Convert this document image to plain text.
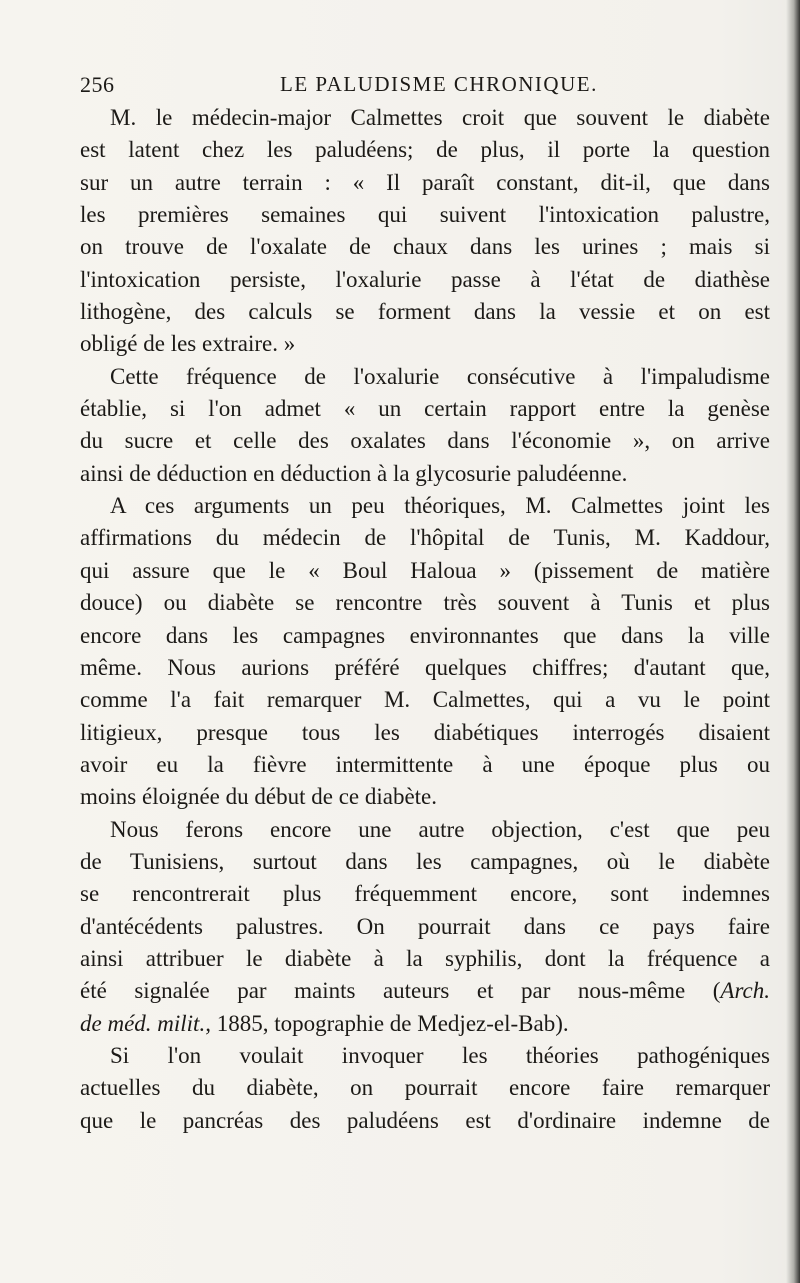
256	LE PALUDISME CHRONIQUE.
M. le médecin-major Calmettes croit que souvent le diabète
est latent chez les paludéens; de plus, il porte la question
sur un autre terrain : « Il paraît constant, dit-il, que dans
les premières semaines qui suivent l'intoxication palustre,
on trouve de l'oxalate de chaux dans les urines ; mais si
l'intoxication persiste, l'oxalurie passe à l'état de diathèse
lithogène, des calculs se forment dans la vessie et on est
obligé de les extraire. »
Cette fréquence de l'oxalurie consécutive à l'impaludisme
établie, si l'on admet « un certain rapport entre la genèse
du sucre et celle des oxalates dans l'économie », on arrive
ainsi de déduction en déduction à la glycosurie paludéenne.
A ces arguments un peu théoriques, M. Calmettes joint les
affirmations du médecin de l'hôpital de Tunis, M. Kaddour,
qui assure que le « Boul Haloua » (pissement de matière
douce) ou diabète se rencontre très souvent à Tunis et plus
encore dans les campagnes environnantes que dans la ville
même. Nous aurions préféré quelques chiffres; d'autant que,
comme l'a fait remarquer M. Calmettes, qui a vu le point
litigieux, presque tous les diabétiques interrogés disaient
avoir eu la fièvre intermittente à une époque plus ou
moins éloignée du début de ce diabète.
Nous ferons encore une autre objection, c'est que peu
de Tunisiens, surtout dans les campagnes, où le diabète
se rencontrerait plus fréquemment encore, sont indemnes
d'antécédents palustres. On pourrait dans ce pays faire
ainsi attribuer le diabète à la syphilis, dont la fréquence a
été signalée par maints auteurs et par nous-même (Arch.
de méd. milit., 1885, topographie de Medjez-el-Bab).
Si l'on voulait invoquer les théories pathogéniques
actuelles du diabète, on pourrait encore faire remarquer
que le pancréas des paludéens est d'ordinaire indemne de
